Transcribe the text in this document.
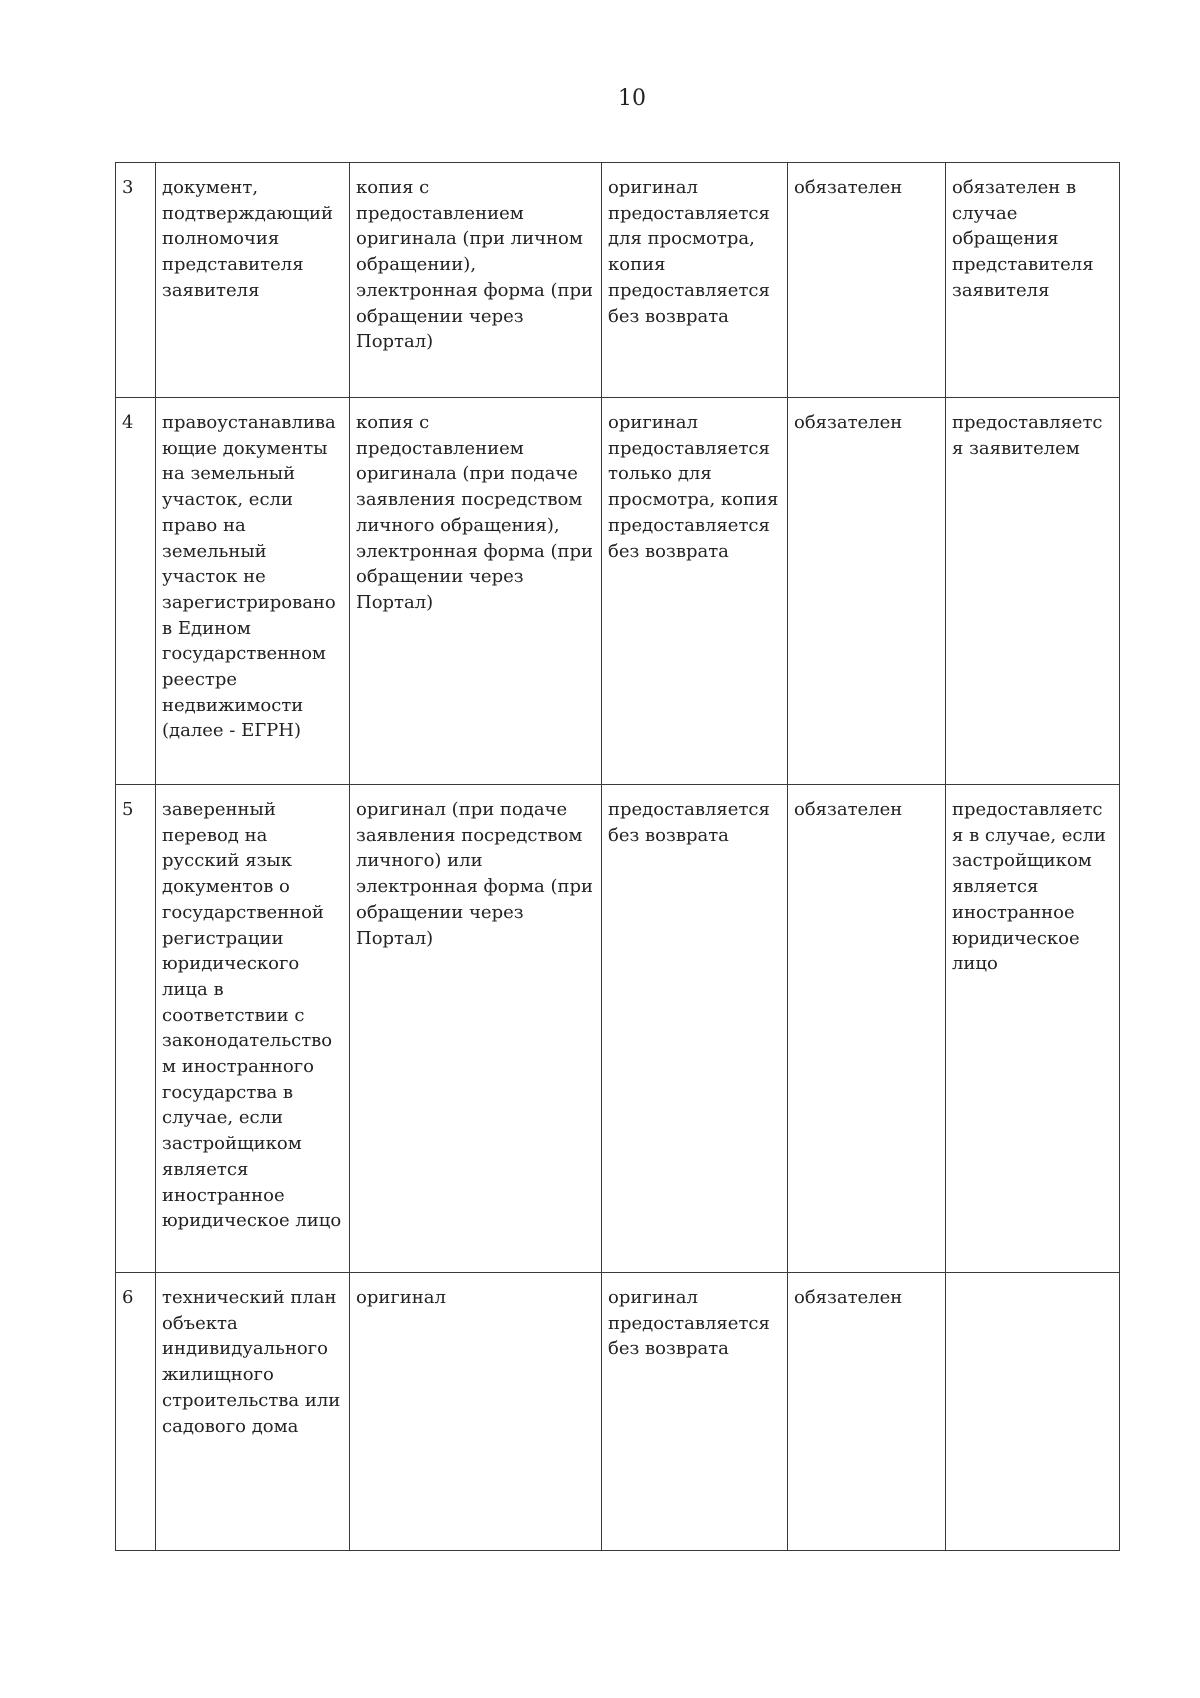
10
3	документ, подтверждающий полномочия представителя заявителя	копия с предоставлением оригинала (при личном обращении), электронная форма (при обращении через Портал)	оригинал предоставляется для просмотра, копия предоставляется без возврата	обязателен	обязателен в случае обращения представителя заявителя
4	правоустанавлива ющие документы на земельный участок, если право на земельный участок не зарегистрировано в Едином государственном реестре недвижимости (далее - ЕГРН)	копия с предоставлением оригинала (при подаче заявления посредством личного обращения), электронная форма (при обращении через Портал)	оригинал предоставляется только для просмотра, копия предоставляется без возврата	обязателен	предоставляется заявителем
5	заверенный перевод на русский язык документов о государственной регистрации юридического лица в соответствии с законодательством иностранного государства в случае, если застройщиком является иностранное юридическое лицо	оригинал (при подаче заявления посредством личного) или электронная форма (при обращении через Портал)	предоставляется без возврата	обязателен	предоставляется в случае, если застройщиком является иностранное юридическое лицо
6	технический план объекта индивидуального жилищного строительства или садового дома	оригинал	оригинал предоставляется без возврата	обязателен	
